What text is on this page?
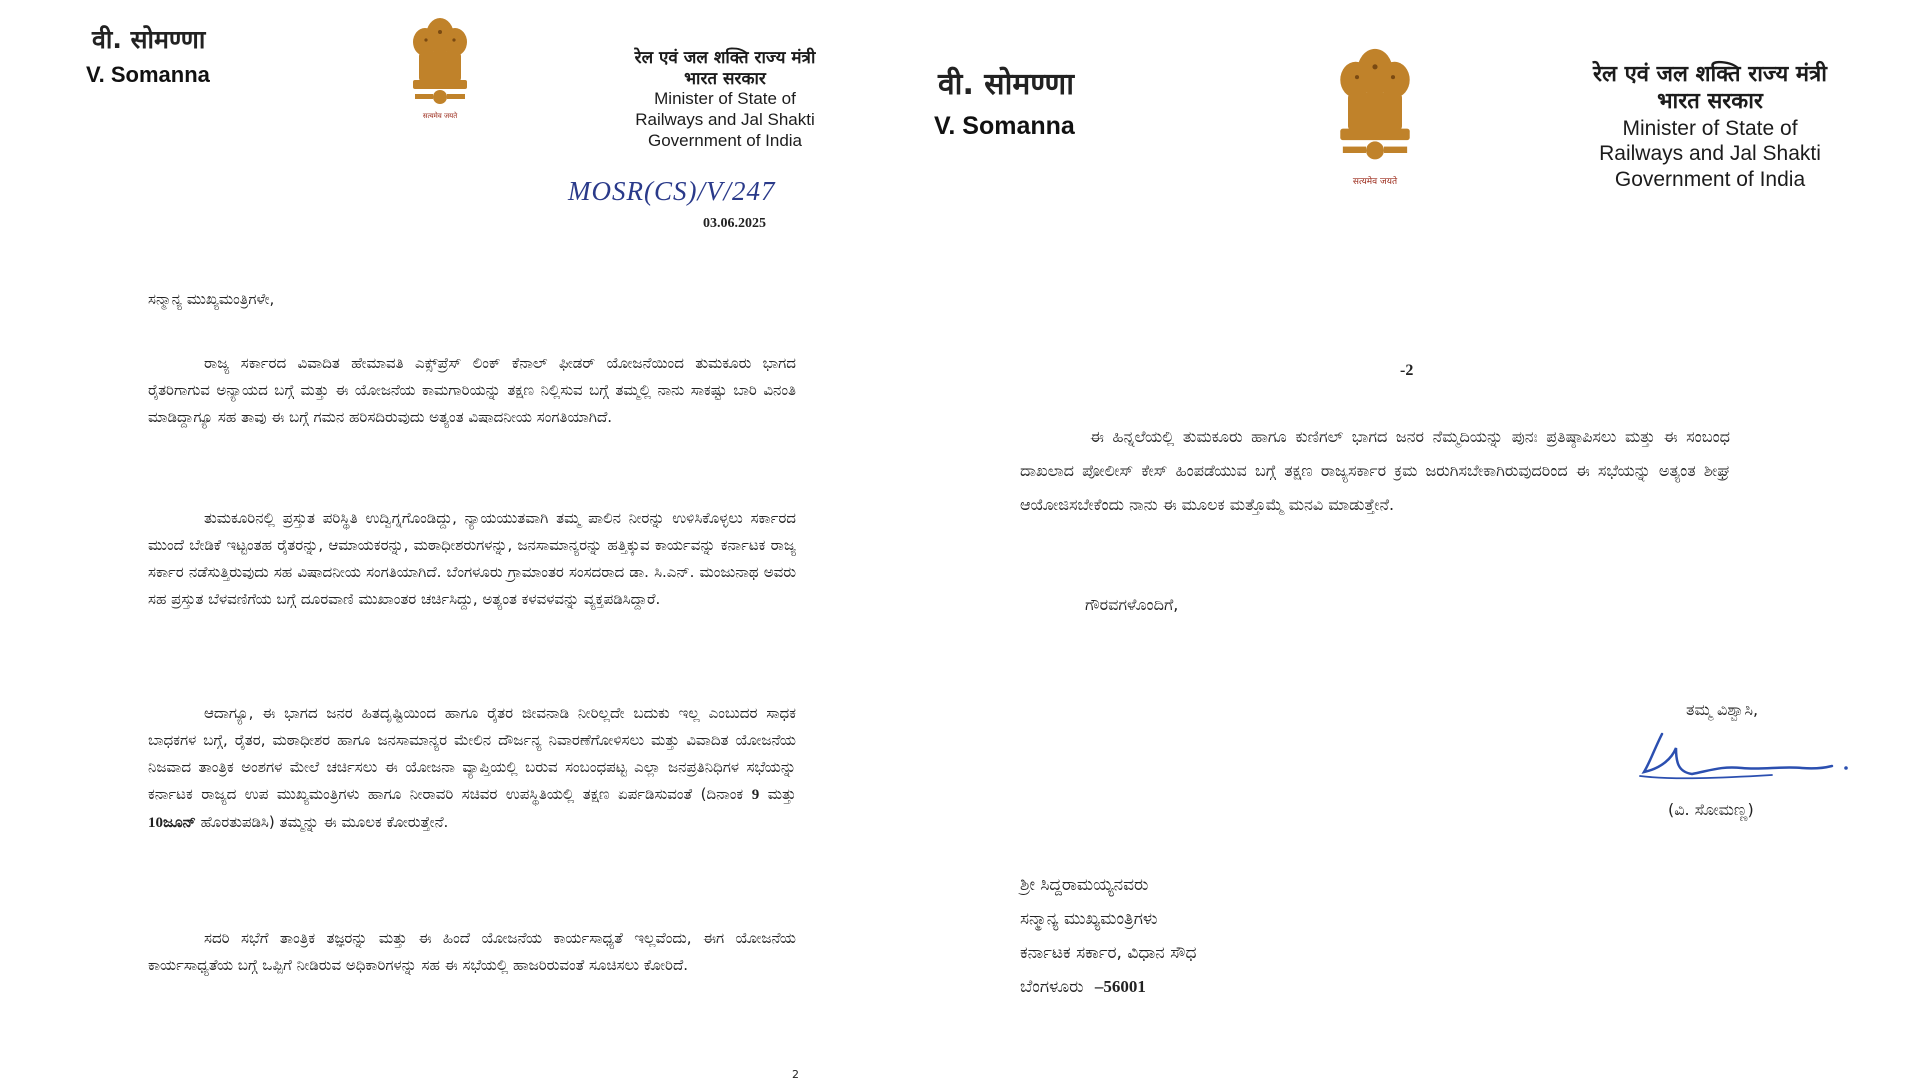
वी. सोमण्णा
V. Somanna
सत्यमेव जयते
रेल एवं जल शक्ति राज्य मंत्री
भारत सरकार
Minister of State of
Railways and Jal Shakti
Government of India
MOSR(CS)/V/247
03.06.2025
ಸನ್ಮಾನ್ಯ ಮುಖ್ಯಮಂತ್ರಿಗಳೇ,

ರಾಜ್ಯ ಸರ್ಕಾರದ ವಿವಾದಿತ ಹೇಮಾವತಿ ಎಕ್ಸ್‌ಪ್ರೆಸ್ ಲಿಂಕ್ ಕೆನಾಲ್ ಫೀಡರ್ ಯೋಜನೆಯಿಂದ ತುಮಕೂರು ಭಾಗದ ರೈತರಿಗಾಗುವ ಅನ್ಯಾಯದ ಬಗ್ಗೆ ಮತ್ತು ಈ ಯೋಜನೆಯ ಕಾಮಗಾರಿಯನ್ನು ತಕ್ಷಣ ನಿಲ್ಲಿಸುವ ಬಗ್ಗೆ ತಮ್ಮಲ್ಲಿ ನಾನು ಸಾಕಷ್ಟು ಬಾರಿ ವಿನಂತಿ ಮಾಡಿದ್ದಾಗ್ಯೂ ಸಹ ತಾವು ಈ ಬಗ್ಗೆ ಗಮನ ಹರಿಸದಿರುವುದು ಅತ್ಯಂತ ವಿಷಾದನೀಯ ಸಂಗತಿಯಾಗಿದೆ.

ತುಮಕೂರಿನಲ್ಲಿ ಪ್ರಸ್ತುತ ಪರಿಸ್ಥಿತಿ ಉದ್ವಿಗ್ನಗೊಂಡಿದ್ದು, ನ್ಯಾಯಯುತವಾಗಿ ತಮ್ಮ ಪಾಲಿನ ನೀರನ್ನು ಉಳಿಸಿಕೊಳ್ಳಲು ಸರ್ಕಾರದ ಮುಂದೆ ಬೇಡಿಕೆ ಇಟ್ಟಂತಹ ರೈತರನ್ನು, ಆಮಾಯಕರನ್ನು, ಮಠಾಧೀಶರುಗಳನ್ನು, ಜನಸಾಮಾನ್ಯರನ್ನು ಹತ್ತಿಕ್ಕುವ ಕಾರ್ಯವನ್ನು ಕರ್ನಾಟಕ ರಾಜ್ಯ ಸರ್ಕಾರ ನಡೆಸುತ್ತಿರುವುದು ಸಹ ವಿಷಾದನೀಯ ಸಂಗತಿಯಾಗಿದೆ. ಬೆಂಗಳೂರು ಗ್ರಾಮಾಂತರ ಸಂಸದರಾದ ಡಾ. ಸಿ.ಎನ್. ಮಂಜುನಾಥ ಅವರು ಸಹ ಪ್ರಸ್ತುತ ಬೆಳವಣಿಗೆಯ ಬಗ್ಗೆ ದೂರವಾಣಿ ಮುಖಾಂತರ ಚರ್ಚಿಸಿದ್ದು, ಅತ್ಯಂತ ಕಳವಳವನ್ನು ವ್ಯಕ್ತಪಡಿಸಿದ್ದಾರೆ.

ಆದಾಗ್ಯೂ, ಈ ಭಾಗದ ಜನರ ಹಿತದೃಷ್ಟಿಯಿಂದ ಹಾಗೂ ರೈತರ ಜೀವನಾಡಿ ನೀರಿಲ್ಲದೇ ಬದುಕು ಇಲ್ಲ ಎಂಬುದರ ಸಾಧಕ ಬಾಧಕಗಳ ಬಗ್ಗೆ, ರೈತರ, ಮಠಾಧೀಶರ ಹಾಗೂ ಜನಸಾಮಾನ್ಯರ ಮೇಲಿನ ದೌರ್ಜನ್ಯ ನಿವಾರಣೆಗೋಳಿಸಲು ಮತ್ತು ವಿವಾದಿತ ಯೋಜನೆಯ ನಿಜವಾದ ತಾಂತ್ರಿಕ ಅಂಶಗಳ ಮೇಲೆ ಚರ್ಚಿಸಲು ಈ ಯೋಜನಾ ವ್ಯಾಪ್ತಿಯಲ್ಲಿ ಬರುವ ಸಂಬಂಧಪಟ್ಟ ಎಲ್ಲಾ ಜನಪ್ರತಿನಿಧಿಗಳ ಸಭೆಯನ್ನು ಕರ್ನಾಟಕ ರಾಜ್ಯದ ಉಪ ಮುಖ್ಯಮಂತ್ರಿಗಳು ಹಾಗೂ ನೀರಾವರಿ ಸಚಿವರ ಉಪಸ್ಥಿತಿಯಲ್ಲಿ ತಕ್ಷಣ ಏರ್ಪಡಿಸುವಂತೆ (ದಿನಾಂಕ 9 ಮತ್ತು 10ಜೂನ್ ಹೊರತುಪಡಿಸಿ) ತಮ್ಮನ್ನು ಈ ಮೂಲಕ ಕೋರುತ್ತೇನೆ.

ಸದರಿ ಸಭೆಗೆ ತಾಂತ್ರಿಕ ತಜ್ಞರನ್ನು ಮತ್ತು ಈ ಹಿಂದೆ ಯೋಜನೆಯ ಕಾರ್ಯಸಾಧ್ಯತೆ ಇಲ್ಲವೆಂದು, ಈಗ ಯೋಜನೆಯ ಕಾರ್ಯಸಾಧ್ಯತೆಯ ಬಗ್ಗೆ ಒಪ್ಪಿಗೆ ನೀಡಿರುವ ಅಧಿಕಾರಿಗಳನ್ನು ಸಹ ಈ ಸಭೆಯಲ್ಲಿ ಹಾಜರಿರುವಂತೆ ಸೂಚಿಸಲು ಕೋರಿದೆ.

2
वी. सोमण्णा
V. Somanna
सत्यमेव जयते
रेल एवं जल शक्ति राज्य मंत्री
भारत सरकार
Minister of State of
Railways and Jal Shakti
Government of India
-2

ಈ ಹಿನ್ನಲೆಯಲ್ಲಿ ತುಮಕೂರು ಹಾಗೂ ಕುಣಿಗಲ್ ಭಾಗದ ಜನರ ನೆಮ್ಮದಿಯನ್ನು ಪುನಃ ಪ್ರತಿಷ್ಠಾಪಿಸಲು ಮತ್ತು ಈ ಸಂಬಂಧ ದಾಖಲಾದ ಪೋಲೀಸ್ ಕೇಸ್ ಹಿಂಪಡೆಯುವ ಬಗ್ಗೆ ತಕ್ಷಣ ರಾಜ್ಯಸರ್ಕಾರ ಕ್ರಮ ಜರುಗಿಸಬೇಕಾಗಿರುವುದರಿಂದ ಈ ಸಭೆಯನ್ನು ಅತ್ಯಂತ ಶೀಘ್ರ ಆಯೋಜಿಸಬೇಕೆಂದು ನಾನು ಈ ಮೂಲಕ ಮತ್ತೊಮ್ಮೆ ಮನವಿ ಮಾಡುತ್ತೇನೆ.

ಗೌರವಗಳೊಂದಿಗೆ,
ತಮ್ಮ ವಿಶ್ವಾಸಿ,
(ವಿ. ಸೋಮಣ್ಣ)
ಶ್ರೀ ಸಿದ್ದರಾಮಯ್ಯನವರು
ಸನ್ಮಾನ್ಯ ಮುಖ್ಯಮಂತ್ರಿಗಳು
ಕರ್ನಾಟಕ ಸರ್ಕಾರ, ವಿಧಾನ ಸೌಧ
ಬೆಂಗಳೂರು –56001
